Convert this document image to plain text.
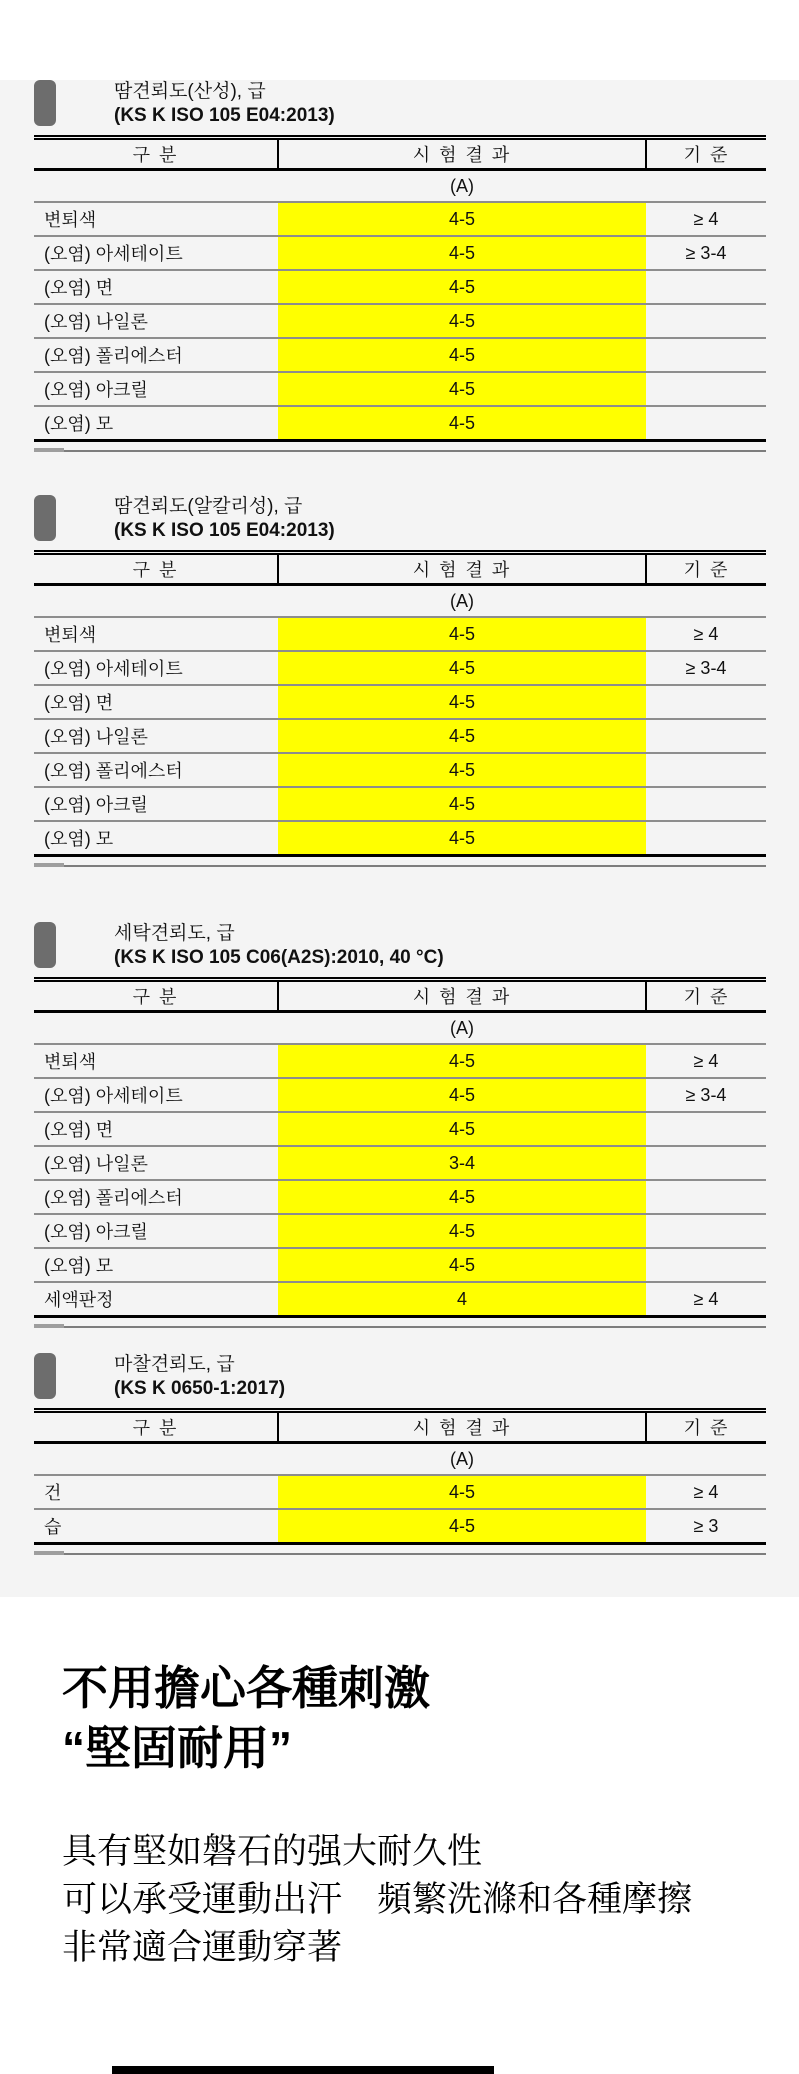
땀견뢰도(산성), 급
(KS K ISO 105 E04:2013)
구 분	시 험 결 과	기 준
	(A)	
변퇴색	4-5	≥ 4
(오염) 아세테이트	4-5	≥ 3-4
(오염) 면	4-5	
(오염) 나일론	4-5	
(오염) 폴리에스터	4-5	
(오염) 아크릴	4-5	
(오염) 모	4-5	
땀견뢰도(알칼리성), 급
(KS K ISO 105 E04:2013)
구 분	시 험 결 과	기 준
	(A)	
변퇴색	4-5	≥ 4
(오염) 아세테이트	4-5	≥ 3-4
(오염) 면	4-5	
(오염) 나일론	4-5	
(오염) 폴리에스터	4-5	
(오염) 아크릴	4-5	
(오염) 모	4-5	
세탁견뢰도, 급
(KS K ISO 105 C06(A2S):2010, 40 °C)
구 분	시 험 결 과	기 준
	(A)	
변퇴색	4-5	≥ 4
(오염) 아세테이트	4-5	≥ 3-4
(오염) 면	4-5	
(오염) 나일론	3-4	
(오염) 폴리에스터	4-5	
(오염) 아크릴	4-5	
(오염) 모	4-5	
세액판정	4	≥ 4
마찰견뢰도, 급
(KS K 0650-1:2017)
구 분	시 험 결 과	기 준
	(A)	
건	4-5	≥ 4
습	4-5	≥ 3
不用擔心各種刺激
“堅固耐用”
具有堅如磐石的强大耐久性
可以承受運動出汗　頻繁洗滌和各種摩擦
非常適合運動穿著
